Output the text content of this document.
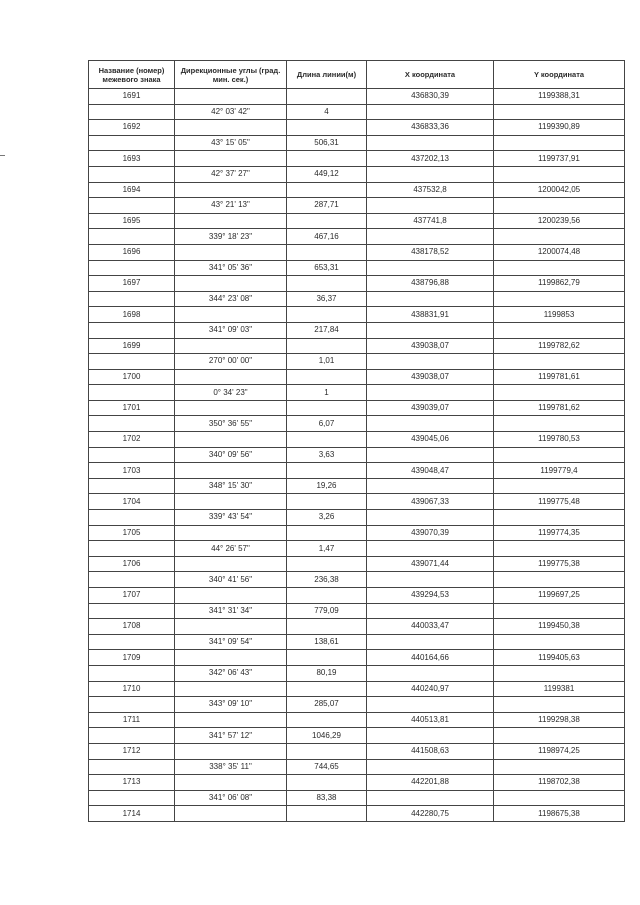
Название (номер) межевого знака	Дирекционные углы (град. мин. сек.)	Длина линии(м)	X координата	Y координата
1691			436830,39	1199388,31
	42° 03' 42"	4		
1692			436833,36	1199390,89
	43° 15' 05"	506,31		
1693			437202,13	1199737,91
	42° 37' 27"	449,12		
1694			437532,8	1200042,05
	43° 21' 13"	287,71		
1695			437741,8	1200239,56
	339° 18' 23"	467,16		
1696			438178,52	1200074,48
	341° 05' 36"	653,31		
1697			438796,88	1199862,79
	344° 23' 08"	36,37		
1698			438831,91	1199853
	341° 09' 03"	217,84		
1699			439038,07	1199782,62
	270° 00' 00"	1,01		
1700			439038,07	1199781,61
	0° 34' 23"	1		
1701			439039,07	1199781,62
	350° 36' 55"	6,07		
1702			439045,06	1199780,53
	340° 09' 56"	3,63		
1703			439048,47	1199779,4
	348° 15' 30"	19,26		
1704			439067,33	1199775,48
	339° 43' 54"	3,26		
1705			439070,39	1199774,35
	44° 26' 57"	1,47		
1706			439071,44	1199775,38
	340° 41' 56"	236,38		
1707			439294,53	1199697,25
	341° 31' 34"	779,09		
1708			440033,47	1199450,38
	341° 09' 54"	138,61		
1709			440164,66	1199405,63
	342° 06' 43"	80,19		
1710			440240,97	1199381
	343° 09' 10"	285,07		
1711			440513,81	1199298,38
	341° 57' 12"	1046,29		
1712			441508,63	1198974,25
	338° 35' 11"	744,65		
1713			442201,88	1198702,38
	341° 06' 08"	83,38		
1714			442280,75	1198675,38
